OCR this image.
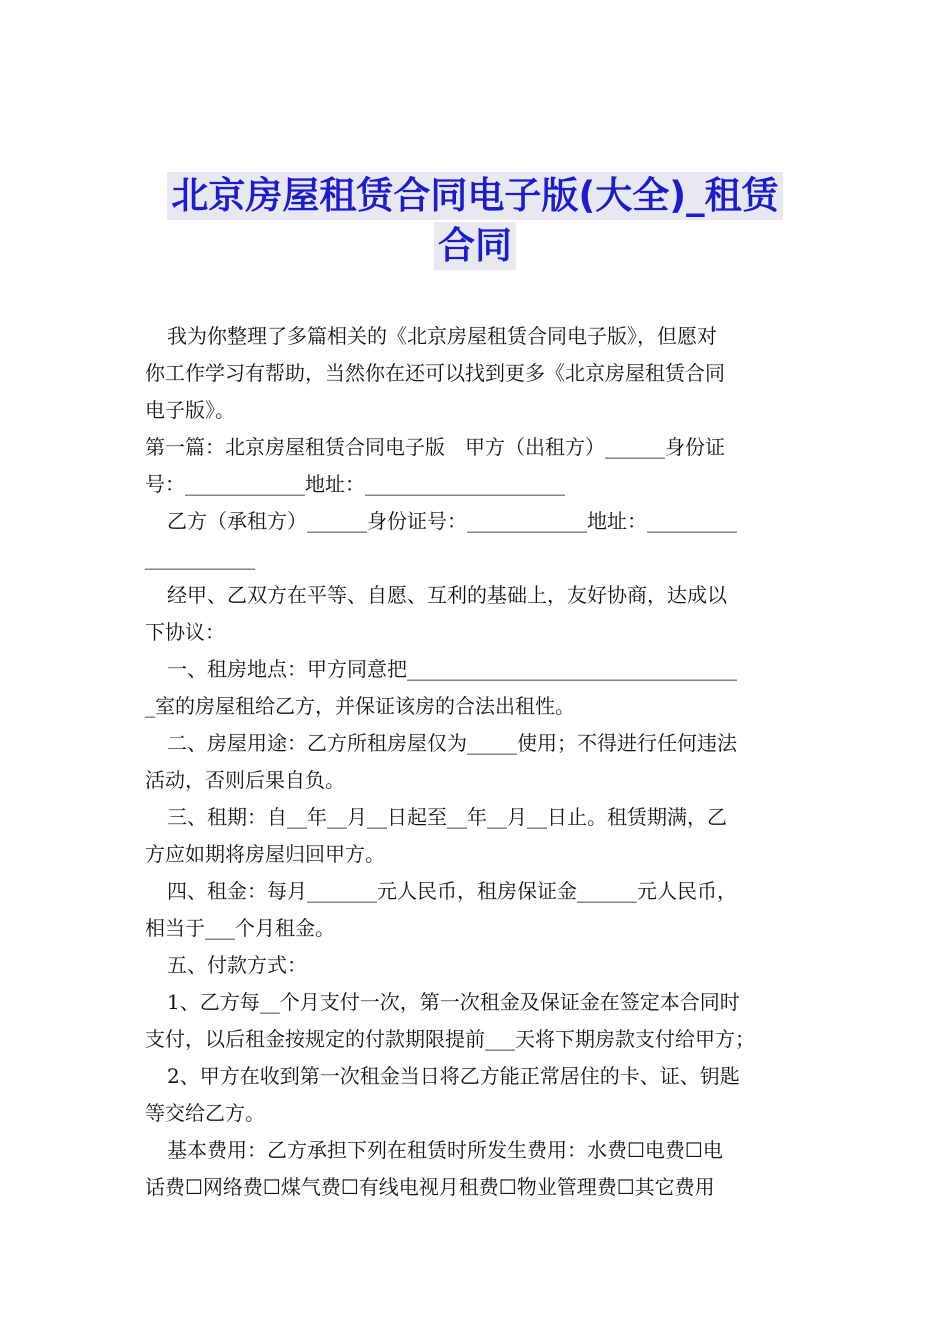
北京房屋租赁合同电子版(大全)_租赁
合同

我为你整理了多篇相关的《北京房屋租赁合同电子版》，但愿对

你工作学习有帮助，当然你在还可以找到更多《北京房屋租赁合同

电子版》。

第一篇：北京房屋租赁合同电子版　甲方（出租方）______身份证

号：____________地址：____________________

乙方（承租方）______身份证号：____________地址：_________

___________

经甲、乙双方在平等、自愿、互利的基础上，友好协商，达成以

下协议：

一、租房地点：甲方同意把_________________________________

_室的房屋租给乙方，并保证该房的合法出租性。

二、房屋用途：乙方所租房屋仅为_____使用；不得进行任何违法

活动，否则后果自负。

三、租期：自__年__月__日起至__年__月__日止。租赁期满，乙

方应如期将房屋归回甲方。

四、租金：每月_______元人民币，租房保证金______元人民币，

相当于___个月租金。

五、付款方式：

1、乙方每__个月支付一次，第一次租金及保证金在签定本合同时

支付，以后租金按规定的付款期限提前___天将下期房款支付给甲方；

2、甲方在收到第一次租金当日将乙方能正常居住的卡、证、钥匙

等交给乙方。

基本费用：乙方承担下列在租赁时所发生费用：水费☐电费☐电

话费☐网络费☐煤气费☐有线电视月租费☐物业管理费☐其它费用
